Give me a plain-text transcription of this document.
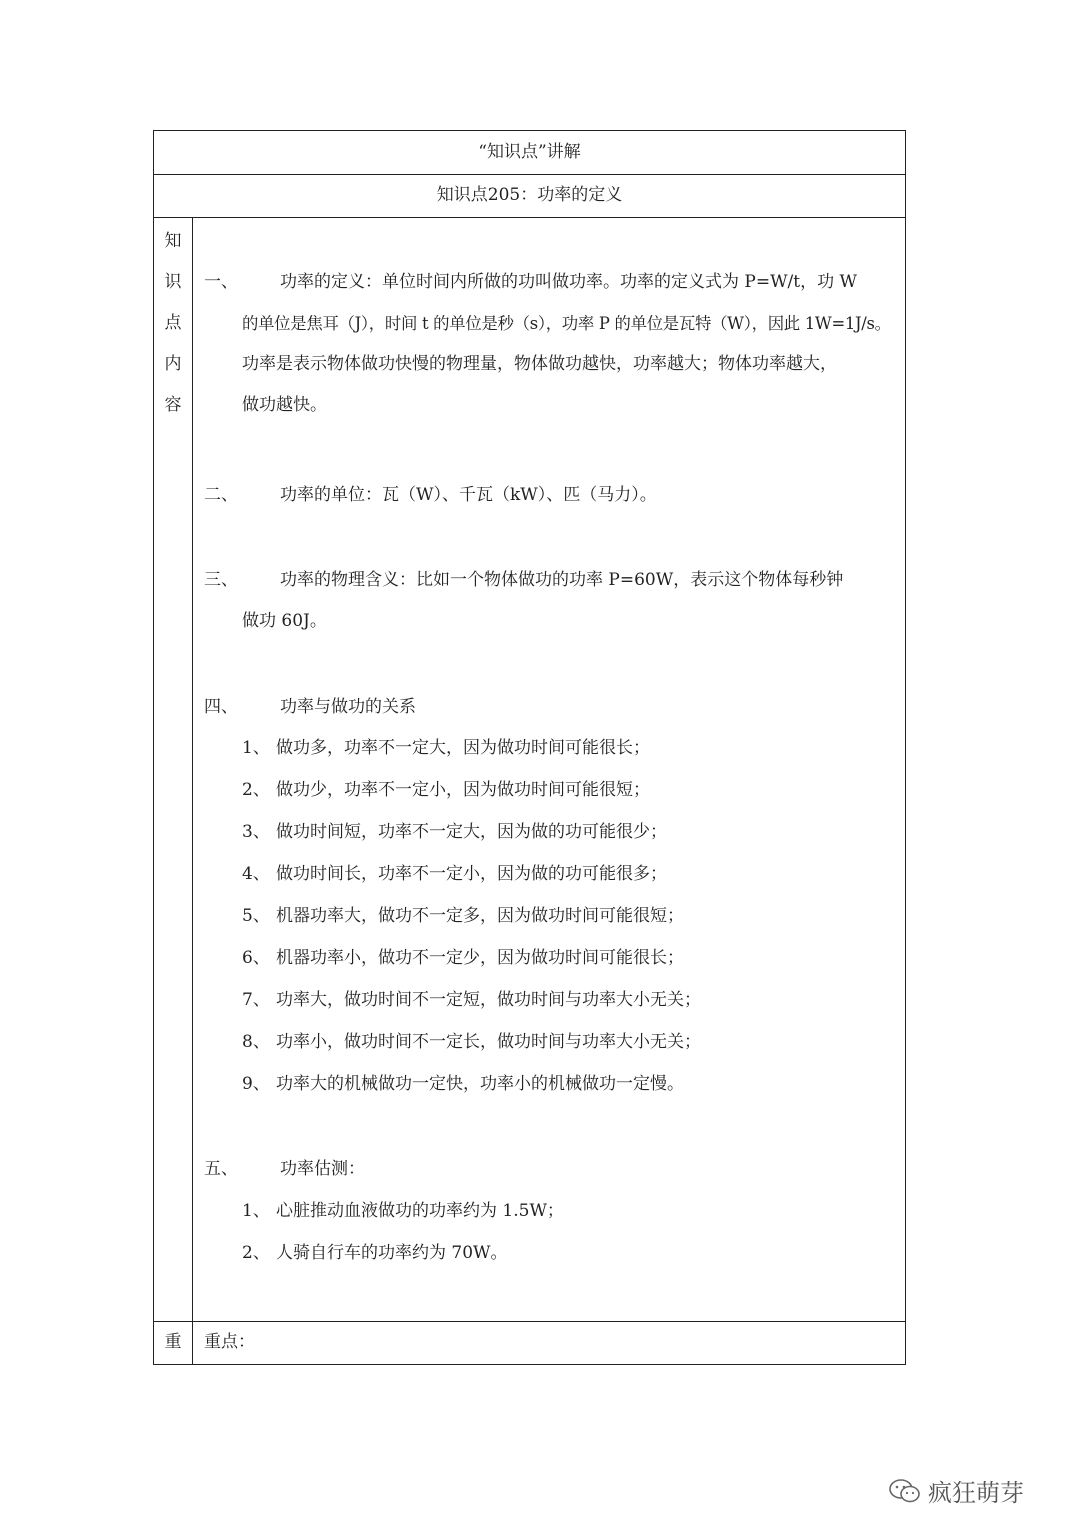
“知识点”讲解
知识点205：功率的定义
知
识
点
内
容
一、 功率的定义：单位时间内所做的功叫做功率。功率的定义式为 P=W/t，功 W
的单位是焦耳（J），时间 t 的单位是秒（s），功率 P 的单位是瓦特（W），因此 1W=1J/s。
功率是表示物体做功快慢的物理量，物体做功越快，功率越大；物体功率越大，
做功越快。
二、 功率的单位：瓦（W）、千瓦（kW）、匹（马力）。
三、 功率的物理含义：比如一个物体做功的功率 P=60W，表示这个物体每秒钟
做功 60J。
四、 功率与做功的关系
1、 做功多，功率不一定大，因为做功时间可能很长；
2、 做功少，功率不一定小，因为做功时间可能很短；
3、 做功时间短，功率不一定大，因为做的功可能很少；
4、 做功时间长，功率不一定小，因为做的功可能很多；
5、 机器功率大，做功不一定多，因为做功时间可能很短；
6、 机器功率小，做功不一定少，因为做功时间可能很长；
7、 功率大，做功时间不一定短，做功时间与功率大小无关；
8、 功率小，做功时间不一定长，做功时间与功率大小无关；
9、 功率大的机械做功一定快，功率小的机械做功一定慢。
五、 功率估测：
1、 心脏推动血液做功的功率约为 1.5W；
2、 人骑自行车的功率约为 70W。
重	重点：
疯狂萌芽
